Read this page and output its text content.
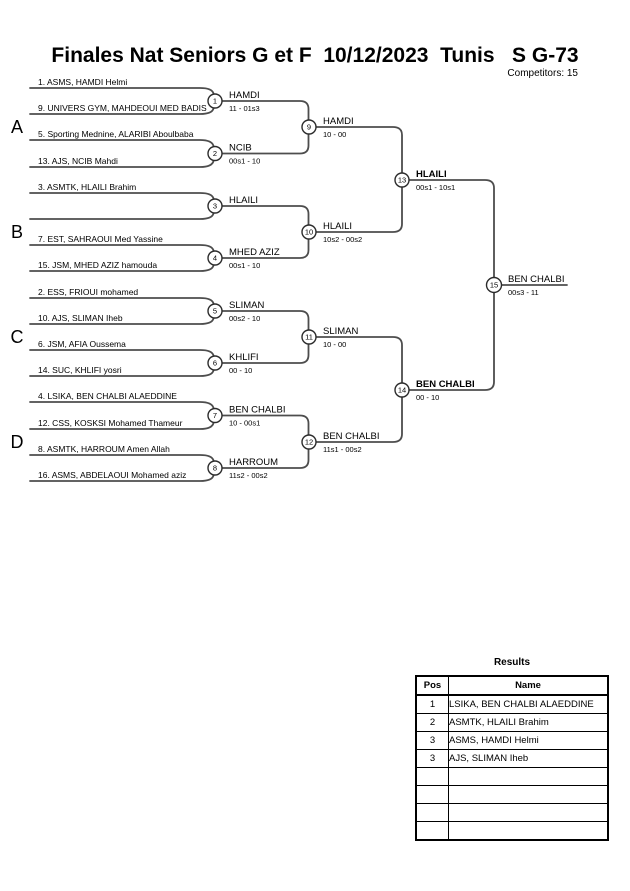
Finales Nat Seniors G et F  10/12/2023  Tunis   S G-73
Competitors: 15
A
B
C
D
1
2
3
4
5
6
7
8
9
10
11
12
13
14
15
1. ASMS, HAMDI Helmi
9. UNIVERS GYM, MAHDEOUI MED BADIS
5. Sporting Mednine, ALARIBI Aboulbaba
13. AJS, NCIB Mahdi
3. ASMTK, HLAILI Brahim
7. EST, SAHRAOUI Med Yassine
15. JSM, MHED AZIZ hamouda
2. ESS, FRIOUI mohamed
10. AJS, SLIMAN Iheb
6. JSM, AFIA Oussema
14. SUC, KHLIFI yosri
4. LSIKA, BEN CHALBI ALAEDDINE
12. CSS, KOSKSI Mohamed Thameur
8. ASMTK, HARROUM Amen Allah
16. ASMS, ABDELAOUI Mohamed aziz
HAMDI
11 - 01s3
NCIB
00s1 - 10
HLAILI
MHED AZIZ
00s1 - 10
SLIMAN
00s2 - 10
KHLIFI
00 - 10
BEN CHALBI
10 - 00s1
HARROUM
11s2 - 00s2
HAMDI
10 - 00
HLAILI
10s2 - 00s2
SLIMAN
10 - 00
BEN CHALBI
11s1 - 00s2
HLAILI
00s1 - 10s1
BEN CHALBI
00 - 10
BEN CHALBI
00s3 - 11
Results
Pos	Name
1	LSIKA, BEN CHALBI ALAEDDINE
2	ASMTK, HLAILI Brahim
3	ASMS, HAMDI Helmi
3	AJS, SLIMAN Iheb
